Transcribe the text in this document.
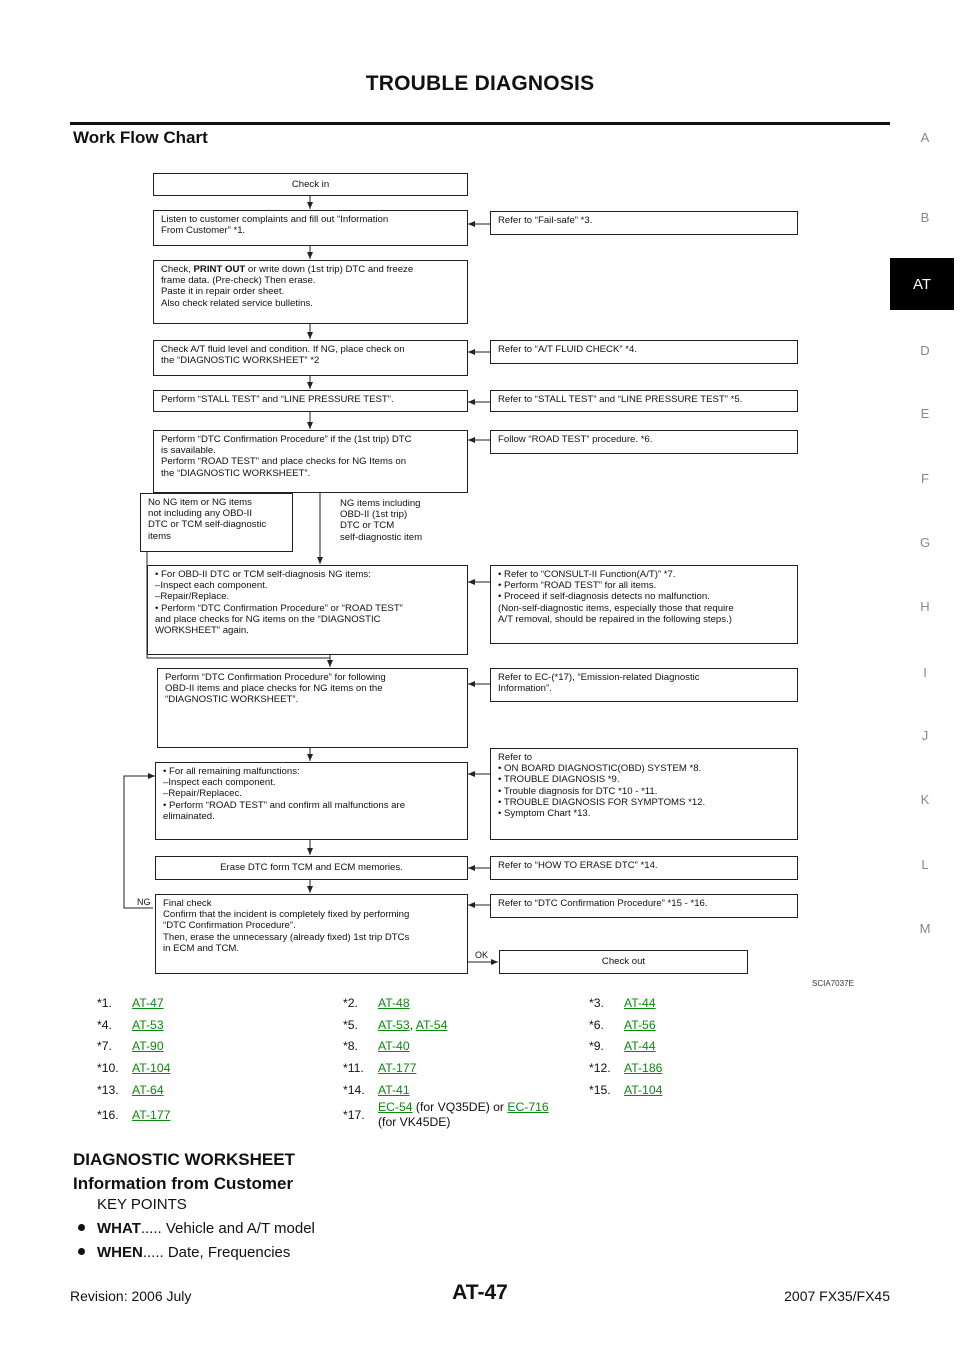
TROUBLE DIAGNOSIS
Work Flow Chart	A
B
AT
D
E
F
G
H
I
J
K
L
M
Check in
Listen to customer complaints and fill out “Information
From Customer” *1.
Refer to “Fail-safe” *3.
Check, PRINT OUT or write down (1st trip) DTC and freeze
frame data. (Pre-check) Then erase.
Paste it in repair order sheet.
Also check related service bulletins.
Check A/T fluid level and condition. If NG, place check on
the “DIAGNOSTIC WORKSHEET” *2
Refer to “A/T FLUID CHECK” *4.
Perform “STALL TEST” and “LINE PRESSURE TEST”.	Refer to “STALL TEST” and “LINE PRESSURE TEST” *5.
Perform “DTC Confirmation Procedure” if the (1st trip) DTC
is savailable.
Perform “ROAD TEST” and place checks for NG Items on
the “DIAGNOSTIC WORKSHEET”.
Follow “ROAD TEST” procedure. *6.
No NG item or NG items
not including any OBD-II
DTC or TCM self-diagnostic
items
NG items including
OBD-II (1st trip)
DTC or TCM
self-diagnostic item
• For OBD-II DTC or TCM self-diagnosis NG items:
–Inspect each component.
–Repair/Replace.
• Perform “DTC Confirmation Procedure” or “ROAD TEST”
and place checks for NG items on the “DIAGNOSTIC
WORKSHEET” again.
• Refer to “CONSULT-II Function(A/T)” *7.
• Perform “ROAD TEST” for all items.
• Proceed if self-diagnosis detects no malfunction.
(Non-self-diagnostic items, especially those that require
A/T removal, should be repaired in the following steps.)
Perform “DTC Confirmation Procedure” for following
OBD-II items and place checks for NG items on the
“DIAGNOSTIC WORKSHEET”.
Refer to EC-(*17), “Emission-related Diagnostic
Information”.
• For all remaining malfunctions:
–Inspect each component.
–Repair/Replacec.
• Perform “ROAD TEST” and confirm all malfunctions are
elimainated.
Refer to
• ON BOARD DIAGNOSTIC(OBD) SYSTEM *8.
• TROUBLE DIAGNOSIS *9.
• Trouble diagnosis for DTC *10 - *11.
• TROUBLE DIAGNOSIS FOR SYMPTOMS *12.
• Symptom Chart *13.
Erase DTC form TCM and ECM memories.	Refer to “HOW TO ERASE DTC” *14.
Final check
Confirm that the incident is completely fixed by performing
“DTC Confirmation Procedure”.
Then, erase the unnecessary (already fixed) 1st trip DTCs
in ECM and TCM.
Refer to “DTC Confirmation Procedure” *15 - *16.
Check out
NG
OK
SCIA7037E
*1.	AT-47	*2.	AT-48	*3.	AT-44
*4.	AT-53	*5.	AT-53, AT-54	*6.	AT-56
*7.	AT-90	*8.	AT-40	*9.	AT-44
*10.	AT-104	*11.	AT-177	*12.	AT-186
*13.	AT-64	*14.	AT-41	*15.	AT-104
*16.	AT-177	*17.	EC-54 (for VQ35DE) or EC-716
(for VK45DE)		
DIAGNOSTIC WORKSHEET
Information from Customer
KEY POINTS
WHAT..... Vehicle and A/T model
WHEN..... Date, Frequencies
Revision: 2006 July	AT-47	2007 FX35/FX45
